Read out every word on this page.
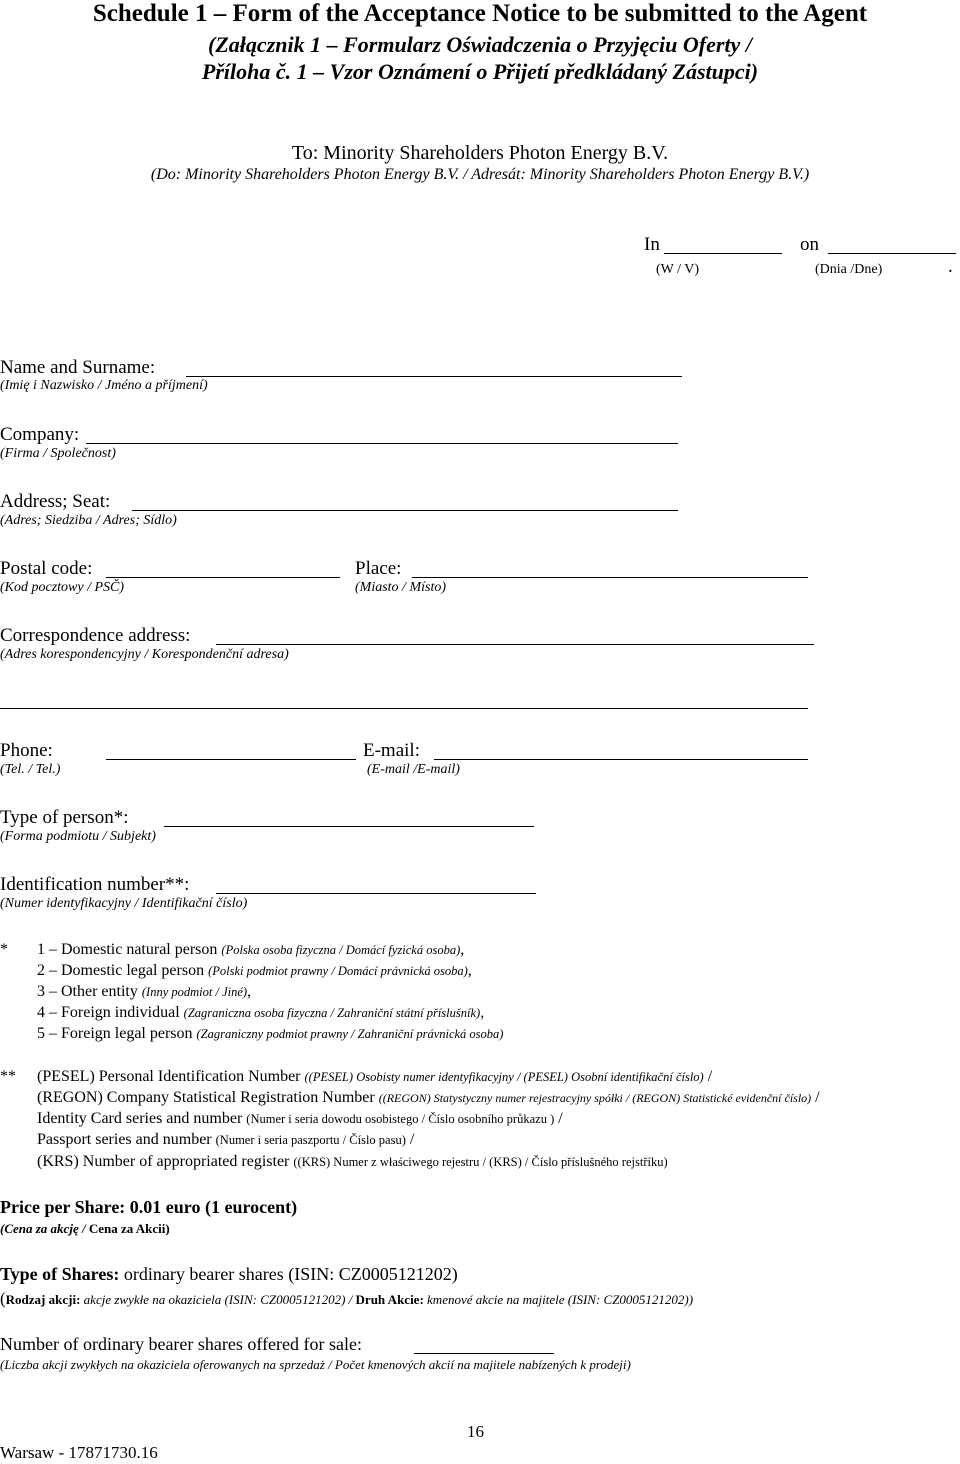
Schedule 1 – Form of the Acceptance Notice to be submitted to the Agent
(Załącznik 1 – Formularz Oświadczenia o Przyjęciu Oferty /
Příloha č. 1 – Vzor Oznámení o Přijetí předkládaný Zástupci)
To: Minority Shareholders Photon Energy B.V.
(Do: Minority Shareholders Photon Energy B.V. / Adresát: Minority Shareholders Photon Energy B.V.)
In	on
(W / V)	(Dnia /Dne)	.
Name and Surname:
(Imię i Nazwisko / Jméno a příjmení)
Company:
(Firma / Společnost)
Address; Seat:
(Adres; Siedziba / Adres; Sídlo)
Postal code:
(Kod pocztowy / PSČ)
Place:
(Miasto / Místo)
Correspondence address:
(Adres korespondencyjny / Korespondenční adresa)
Phone:
(Tel. / Tel.)
E-mail:
(E-mail /E-mail)
Type of person*:
(Forma podmiotu / Subjekt)
Identification number**:
(Numer identyfikacyjny / Identifikační číslo)
* 1 – Domestic natural person (Polska osoba fizyczna / Domácí fyzická osoba),
2 – Domestic legal person (Polski podmiot prawny / Domácí právnická osoba),
3 – Other entity (Inny podmiot / Jiné),
4 – Foreign individual (Zagraniczna osoba fizyczna / Zahraniční státní příslušník),
5 – Foreign legal person (Zagraniczny podmiot prawny / Zahraniční právnická osoba)
** (PESEL) Personal Identification Number ((PESEL) Osobisty numer identyfikacyjny / (PESEL) Osobní identifikační číslo) /
(REGON) Company Statistical Registration Number ((REGON) Statystyczny numer rejestracyjny spółki / (REGON) Statistické evidenční číslo) /
Identity Card series and number (Numer i seria dowodu osobistego / Číslo osobního průkazu ) /
Passport series and number (Numer i seria paszportu / Číslo pasu) /
(KRS) Number of appropriated register ((KRS) Numer z właściwego rejestru / (KRS) / Číslo příslušného rejstříku)
Price per Share: 0.01 euro (1 eurocent)
(Cena za akcję / Cena za Akcii)
Type of Shares: ordinary bearer shares (ISIN: CZ0005121202)
(Rodzaj akcji: akcje zwykłe na okaziciela (ISIN: CZ0005121202) / Druh Akcie: kmenové akcie na majitele (ISIN: CZ0005121202))
Number of ordinary bearer shares offered for sale:
(Liczba akcji zwykłych na okaziciela oferowanych na sprzedaż / Počet kmenových akcií na majitele nabízených k prodeji)
16
Warsaw - 17871730.16
